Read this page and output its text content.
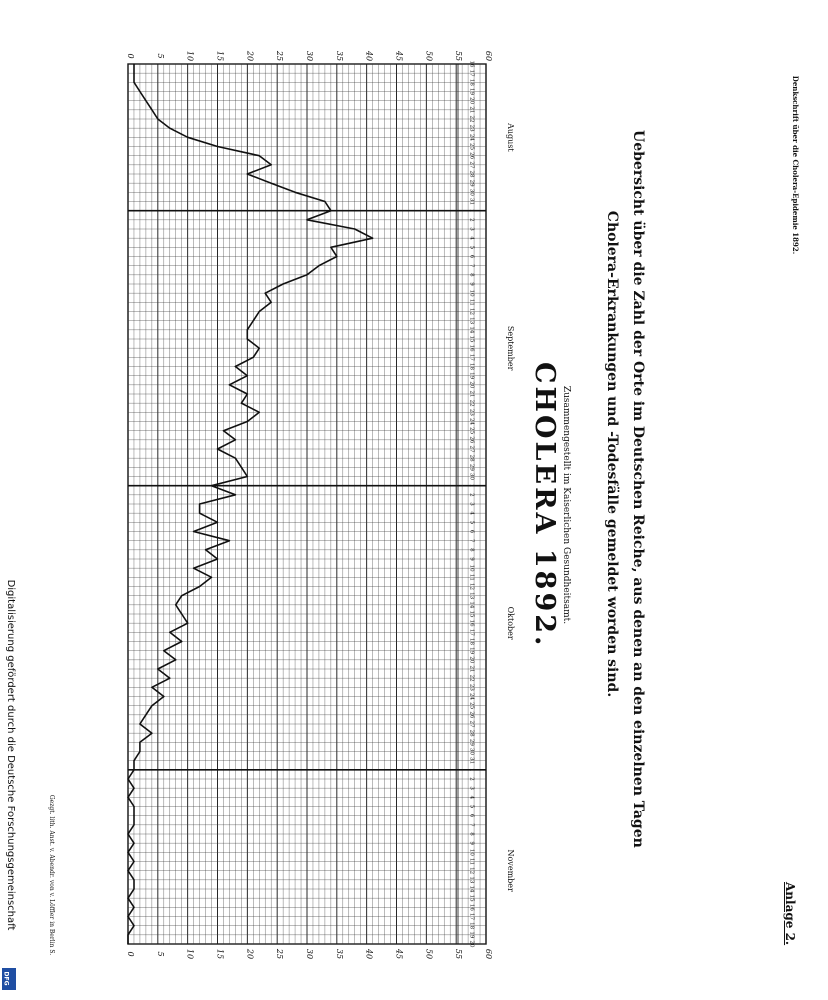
0	5	10	15	20	25	30	35	40	45	50	55	60
0	5	10	15	20	25	30	35	40	45	50	55	60
August
September
Oktober
November
16
17
18
19
20
21
22
23
24
25
26
27
28
29
30
31
1
2
3
4
5
6
7
8
9
10
11
12
13
14
15
16
17
18
19
20
21
22
23
24
25
26
27
28
29
30
1
2
3
4
5
6
7
8
9
10
11
12
13
14
15
16
17
18
19
20
21
22
23
24
25
26
27
28
29
30
31
1
2
3
4
5
6
7
8
9
10
11
12
13
14
15
16
17
18
19
20
Denkschrift über die Cholera-Epidemie 1892.
CHOLERA 1892.	Uebersicht über die Zahl der Orte im Deutschen Reiche, aus denen an den einzelnen Tagen
Cholera-Erkrankungen und -Todesfälle gemeldet worden sind.
Zusammengestellt im Kaiserlichen Gesundheitsamt.
Anlage 2.
Gezgt. lith. Anst. v. Abendr. von v. Löffler in Berlin S.
Digitalisierung gefördert durch die Deutsche Forschungsgemeinschaft
DFG
